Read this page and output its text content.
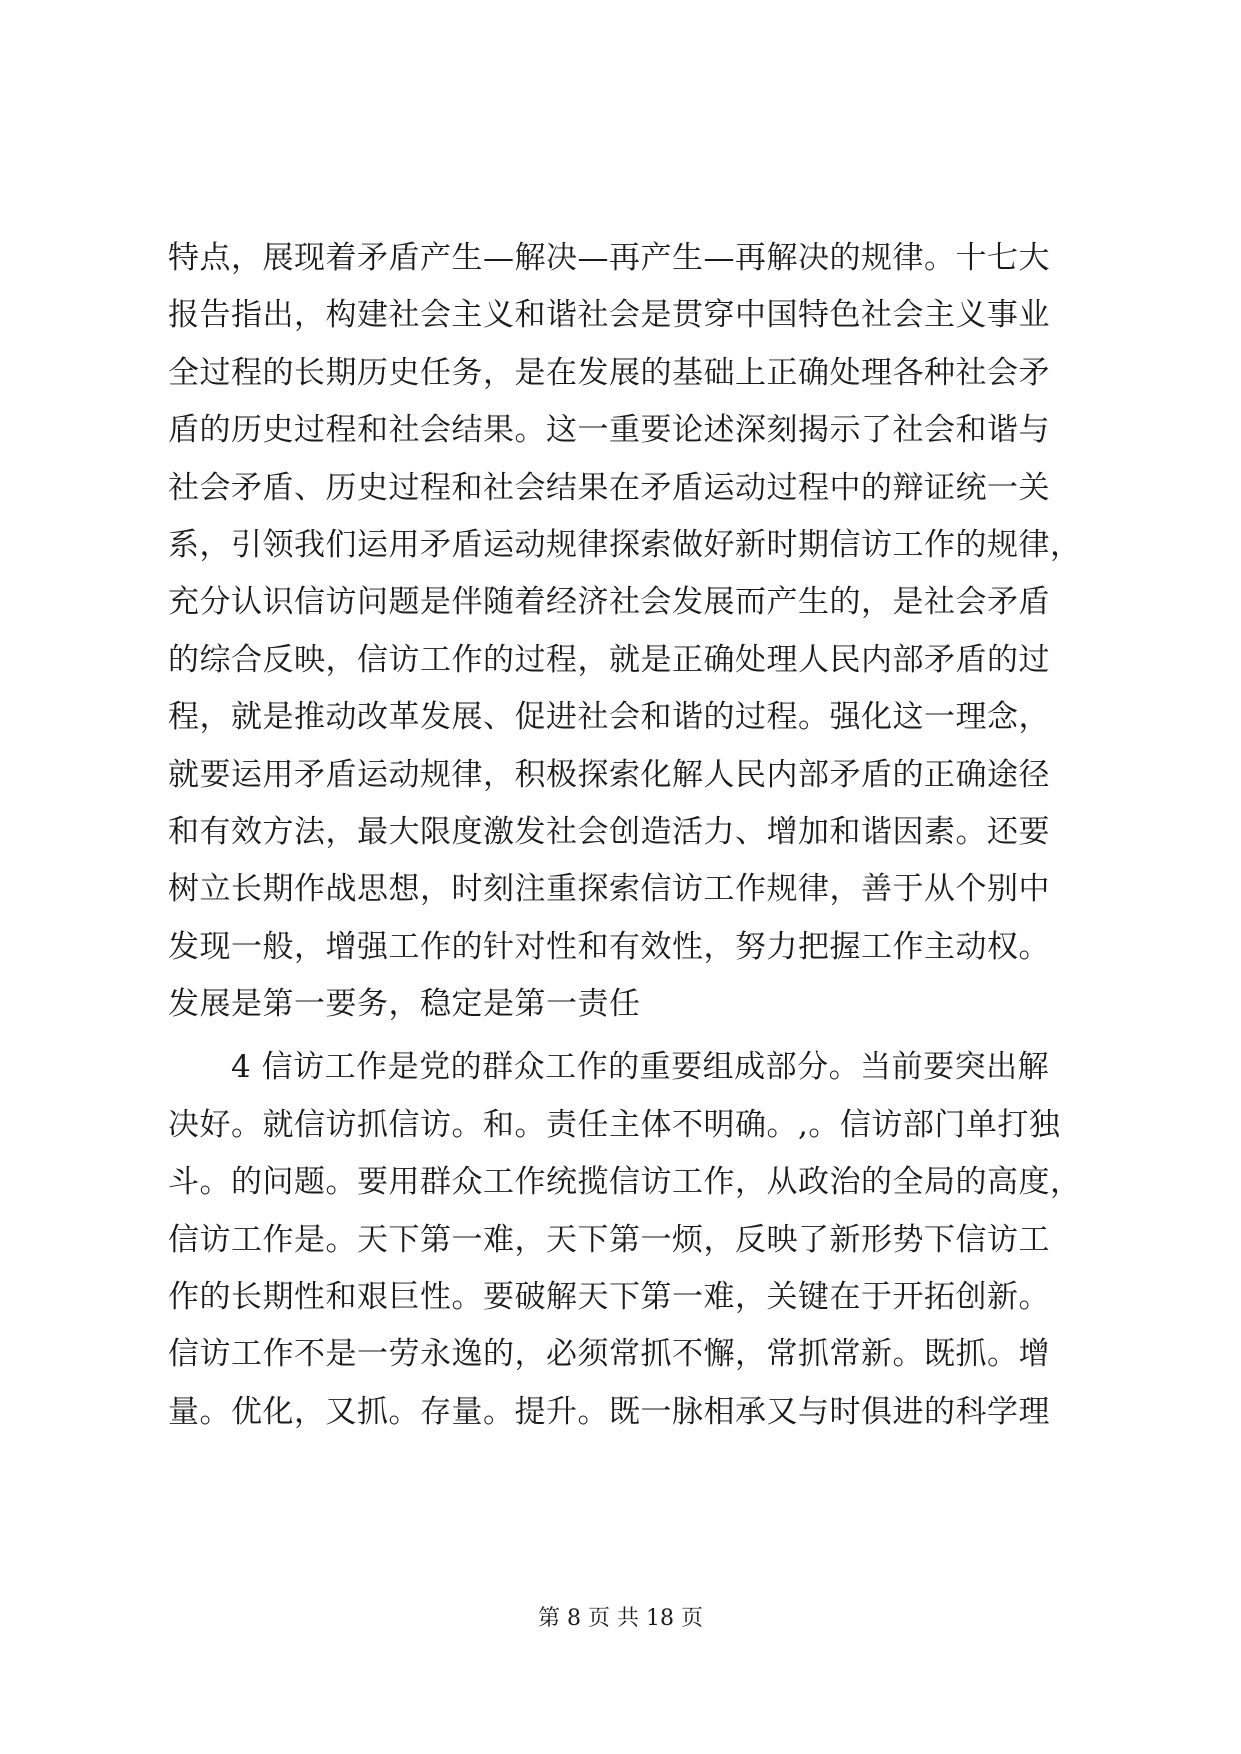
特点，展现着矛盾产生—解决—再产生—再解决的规律。十七大
报告指出，构建社会主义和谐社会是贯穿中国特色社会主义事业
全过程的长期历史任务，是在发展的基础上正确处理各种社会矛
盾的历史过程和社会结果。这一重要论述深刻揭示了社会和谐与
社会矛盾、历史过程和社会结果在矛盾运动过程中的辩证统一关
系，引领我们运用矛盾运动规律探索做好新时期信访工作的规律，
充分认识信访问题是伴随着经济社会发展而产生的，是社会矛盾
的综合反映，信访工作的过程，就是正确处理人民内部矛盾的过
程，就是推动改革发展、促进社会和谐的过程。强化这一理念，
就要运用矛盾运动规律，积极探索化解人民内部矛盾的正确途径
和有效方法，最大限度激发社会创造活力、增加和谐因素。还要
树立长期作战思想，时刻注重探索信访工作规律，善于从个别中
发现一般，增强工作的针对性和有效性，努力把握工作主动权。
发展是第一要务，稳定是第一责任
　　4 信访工作是党的群众工作的重要组成部分。当前要突出解
决好。就信访抓信访。和。责任主体不明确。,。信访部门单打独
斗。的问题。要用群众工作统揽信访工作，从政治的全局的高度，
信访工作是。天下第一难，天下第一烦，反映了新形势下信访工
作的长期性和艰巨性。要破解天下第一难，关键在于开拓创新。
信访工作不是一劳永逸的，必须常抓不懈，常抓常新。既抓。增
量。优化，又抓。存量。提升。既一脉相承又与时俱进的科学理
第 8 页 共 18 页
